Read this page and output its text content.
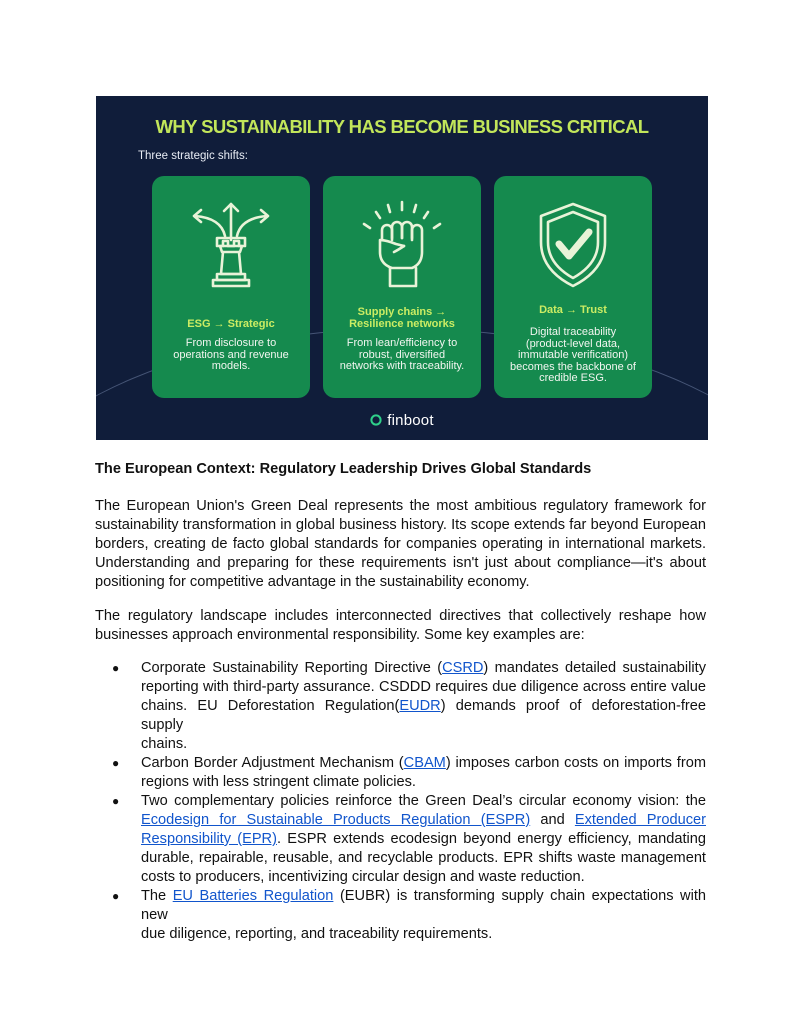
WHY SUSTAINABILITY HAS BECOME BUSINESS CRITICAL
Three strategic shifts:
ESG → Strategic
From disclosure to
operations and revenue
models.
Supply chains →
Resilience networks
From lean/efficiency to
robust, diversified
networks with traceability.
Data → Trust
Digital traceability
(product-level data,
immutable verification)
becomes the backbone of
credible ESG.
finboot
The European Context: Regulatory Leadership Drives Global Standards
The European Union's Green Deal represents the most ambitious regulatory framework for
sustainability transformation in global business history. Its scope extends far beyond European
borders, creating de facto global standards for companies operating in international markets.
Understanding and preparing for these requirements isn't just about compliance—it's about
positioning for competitive advantage in the sustainability economy.
The regulatory landscape includes interconnected directives that collectively reshape how
businesses approach environmental responsibility. Some key examples are:
● Corporate Sustainability Reporting Directive (CSRD) mandates detailed sustainability
reporting with third-party assurance. CSDDD requires due diligence across entire value
chains. EU Deforestation Regulation(EUDR) demands proof of deforestation-free supply
chains.
● Carbon Border Adjustment Mechanism (CBAM) imposes carbon costs on imports from
regions with less stringent climate policies.
● Two complementary policies reinforce the Green Deal’s circular economy vision: the
Ecodesign for Sustainable Products Regulation (ESPR) and Extended Producer
Responsibility (EPR). ESPR extends ecodesign beyond energy efficiency, mandating
durable, repairable, reusable, and recyclable products. EPR shifts waste management
costs to producers, incentivizing circular design and waste reduction.
● The EU Batteries Regulation (EUBR) is transforming supply chain expectations with new
due diligence, reporting, and traceability requirements.
